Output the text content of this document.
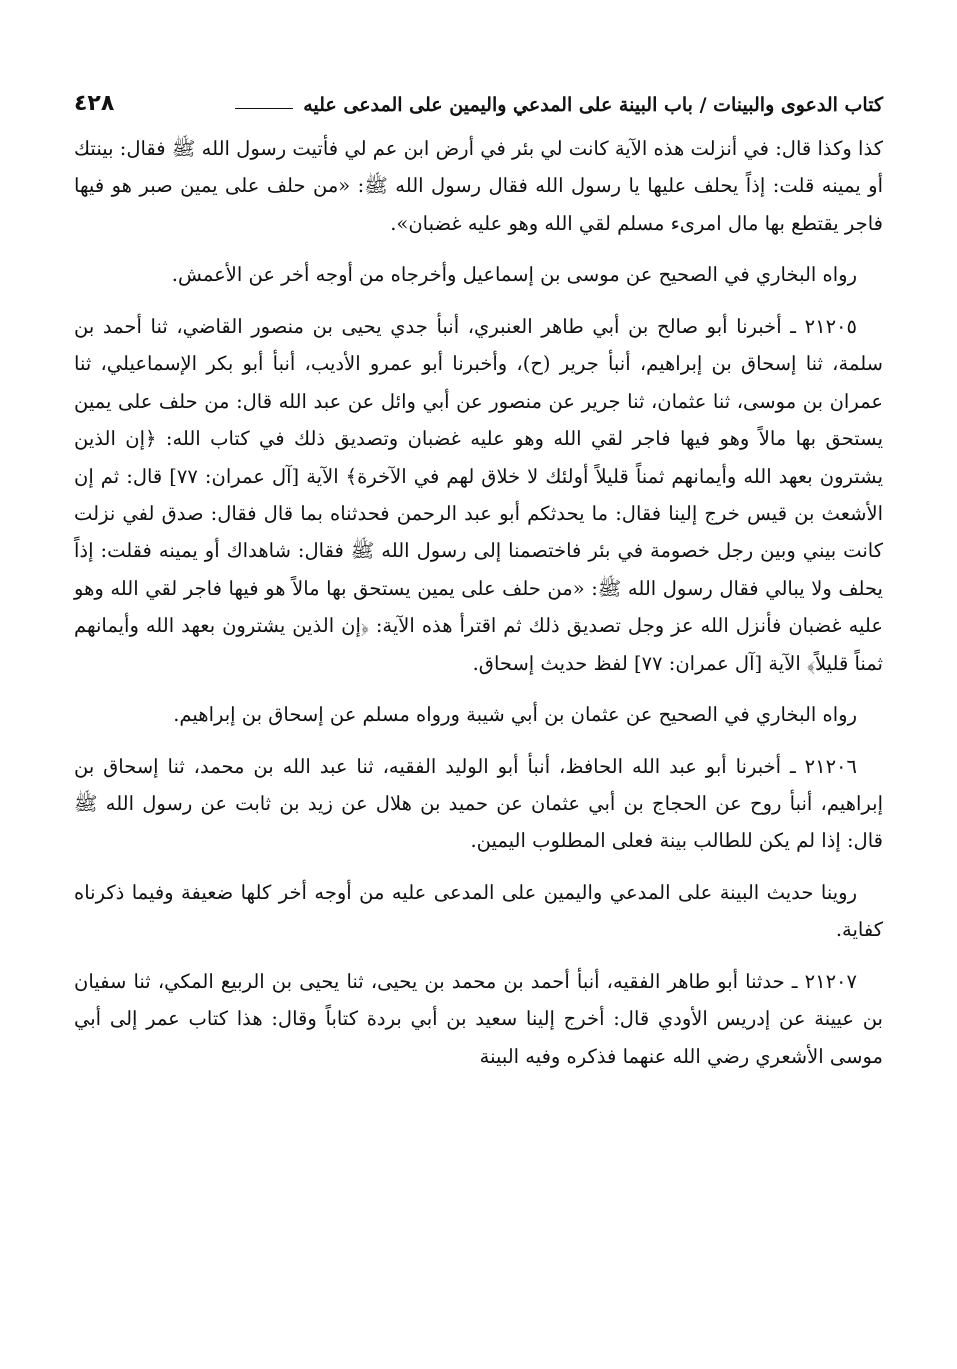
كتاب الدعوى والبينات / باب البينة على المدعي واليمين على المدعى عليه
٤٢٨

كذا وكذا قال: في أنزلت هذه الآية كانت لي بئر في أرض ابن عم لي فأتيت رسول الله ﷺ فقال: بينتك أو يمينه قلت: إذاً يحلف عليها يا رسول الله فقال رسول الله ﷺ: «من حلف على يمين صبر هو فيها فاجر يقتطع بها مال امرىء مسلم لقي الله وهو عليه غضبان».

رواه البخاري في الصحيح عن موسى بن إسماعيل وأخرجاه من أوجه أخر عن الأعمش.

٢١٢٠٥ ـ أخبرنا أبو صالح بن أبي طاهر العنبري، أنبأ جدي يحيى بن منصور القاضي، ثنا أحمد بن سلمة، ثنا إسحاق بن إبراهيم، أنبأ جرير (ح)، وأخبرنا أبو عمرو الأديب، أنبأ أبو بكر الإسماعيلي، ثنا عمران بن موسى، ثنا عثمان، ثنا جرير عن منصور عن أبي وائل عن عبد الله قال: من حلف على يمين يستحق بها مالاً وهو فيها فاجر لقي الله وهو عليه غضبان وتصديق ذلك في كتاب الله: ﴿إن الذين يشترون بعهد الله وأيمانهم ثمناً قليلاً أولئك لا خلاق لهم في الآخرة﴾ الآية [آل عمران: ٧٧] قال: ثم إن الأشعث بن قيس خرج إلينا فقال: ما يحدثكم أبو عبد الرحمن فحدثناه بما قال فقال: صدق لفي نزلت كانت بيني وبين رجل خصومة في بئر فاختصمنا إلى رسول الله ﷺ فقال: شاهداك أو يمينه فقلت: إذاً يحلف ولا يبالي فقال رسول الله ﷺ: «من حلف على يمين يستحق بها مالاً هو فيها فاجر لقي الله وهو عليه غضبان فأنزل الله عز وجل تصديق ذلك ثم اقترأ هذه الآية: ﴿إن الذين يشترون بعهد الله وأيمانهم ثمناً قليلاً﴾ الآية [آل عمران: ٧٧] لفظ حديث إسحاق.

رواه البخاري في الصحيح عن عثمان بن أبي شيبة ورواه مسلم عن إسحاق بن إبراهيم.

٢١٢٠٦ ـ أخبرنا أبو عبد الله الحافظ، أنبأ أبو الوليد الفقيه، ثنا عبد الله بن محمد، ثنا إسحاق بن إبراهيم، أنبأ روح عن الحجاج بن أبي عثمان عن حميد بن هلال عن زيد بن ثابت عن رسول الله ﷺ قال: إذا لم يكن للطالب بينة فعلى المطلوب اليمين.

روينا حديث البينة على المدعي واليمين على المدعى عليه من أوجه أخر كلها ضعيفة وفيما ذكرناه كفاية.

٢١٢٠٧ ـ حدثنا أبو طاهر الفقيه، أنبأ أحمد بن محمد بن يحيى، ثنا يحيى بن الربيع المكي، ثنا سفيان بن عيينة عن إدريس الأودي قال: أخرج إلينا سعيد بن أبي بردة كتاباً وقال: هذا كتاب عمر إلى أبي موسى الأشعري رضي الله عنهما فذكره وفيه البينة
